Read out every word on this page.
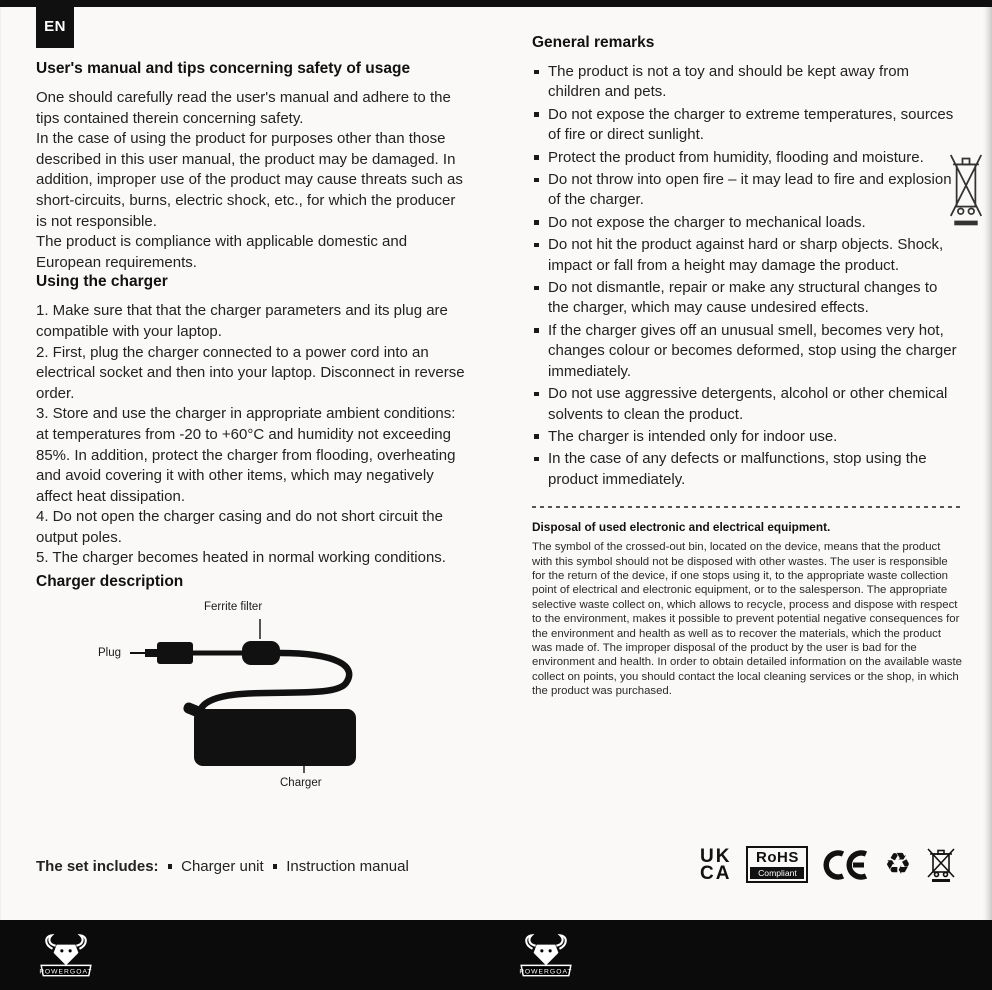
EN
User's manual and tips concerning safety of usage

One should carefully read the user's manual and adhere to the tips contained therein concerning safety.

In the case of using the product for purposes other than those described in this user manual, the product may be damaged. In addition, improper use of the product may cause threats such as short-circuits, burns, electric shock, etc., for which the producer is not responsible.

The product is compliance with applicable domestic and European requirements.

Using the charger
1. Make sure that that the charger parameters and its plug are compatible with your laptop.
2. First, plug the charger connected to a power cord into an electrical socket and then into your laptop. Disconnect in reverse order.
3. Store and use the charger in appropriate ambient conditions: at temperatures from -20 to +60°C and humidity not exceeding 85%. In addition, protect the charger from flooding, overheating and avoid covering it with other items, which may negatively affect heat dissipation.
4. Do not open the charger casing and do not short circuit the output poles.
5. The charger becomes heated in normal working conditions.
Charger description
Ferrite filter
Plug
Charger
The set includes: Charger unit Instruction manual
General remarks
The product is not a toy and should be kept away from children and pets.
Do not expose the charger to extreme temperatures, sources of fire or direct sunlight.
Protect the product from humidity, flooding and moisture.
Do not throw into open fire – it may lead to fire and explosion of the charger.
Do not expose the charger to mechanical loads.
Do not hit the product against hard or sharp objects. Shock, impact or fall from a height may damage the product.
Do not dismantle, repair or make any structural changes to the charger, which may cause undesired effects.
If the charger gives off an unusual smell, becomes very hot, changes colour or becomes deformed, stop using the charger immediately.
Do not use aggressive detergents, alcohol or other chemical solvents to clean the product.
The charger is intended only for indoor use.
In the case of any defects or malfunctions, stop using the product immediately.
Disposal of used electronic and electrical equipment.

The symbol of the crossed-out bin, located on the device, means that the product with this symbol should not be disposed with other wastes. The user is responsible for the return of the device, if one stops using it, to the appropriate waste collection point of electrical and electronic equipment, or to the salesperson. The appropriate selective waste collect on, which allows to recycle, process and dispose with respect to the environment, makes it possible to prevent potential negative consequences for the environment and health as well as to recover the materials, which the product was made of. The improper disposal of the product by the user is bad for the environment and health. In order to obtain detailed information on the available waste collect on points, you should contact the local cleaning services or the shop, in which the product was purchased.

UK
CA
RoHS
Compliant	♻
POWERGOAT	POWERGOAT
